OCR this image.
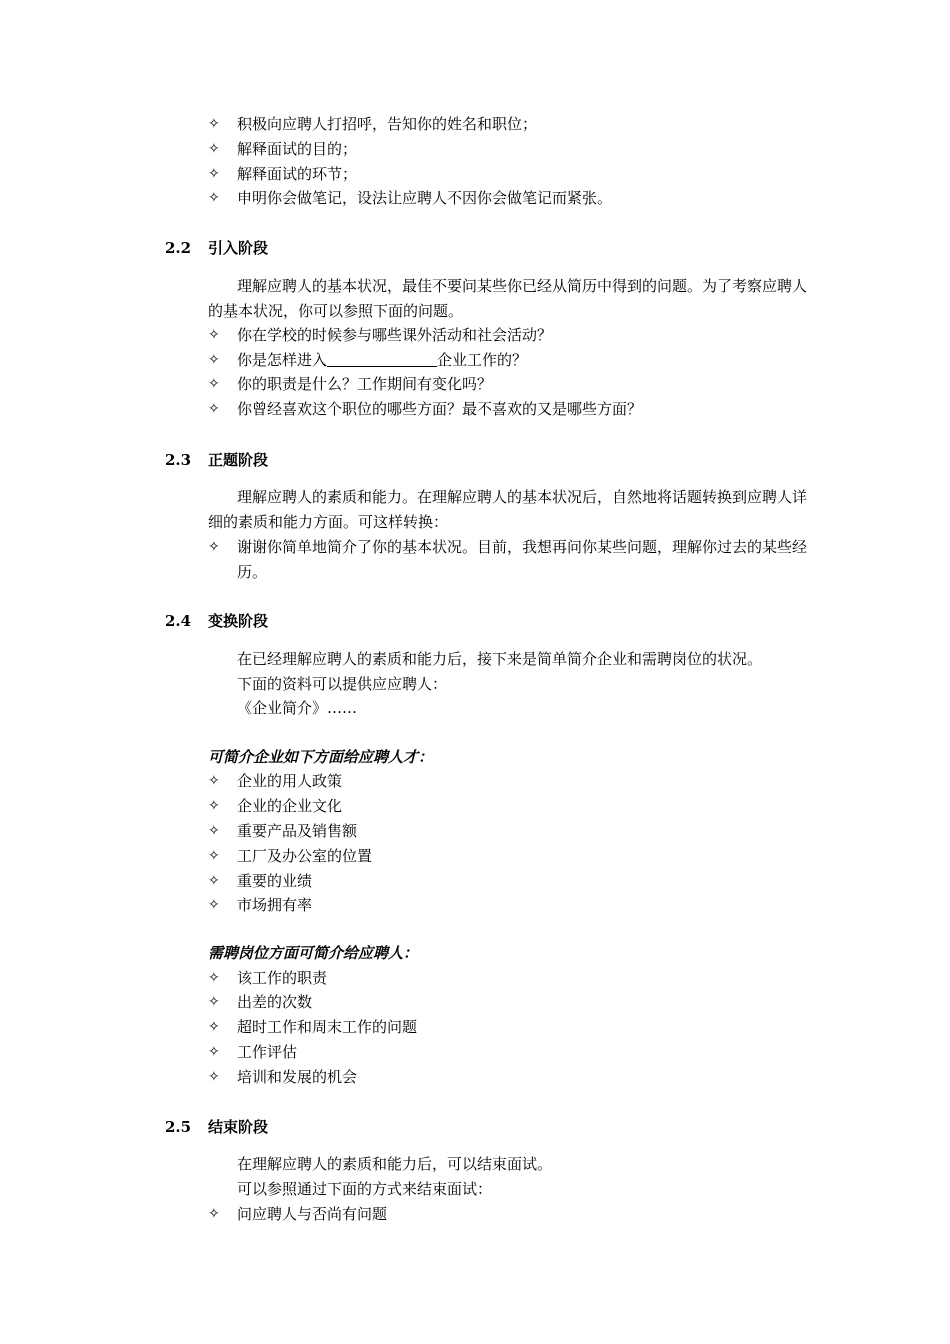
✧	积极向应聘人打招呼，告知你的姓名和职位；
✧	解释面试的目的；
✧	解释面试的环节；
✧	申明你会做笔记，设法让应聘人不因你会做笔记而紧张。
2.2 引入阶段
理解应聘人的基本状况，最佳不要问某些你已经从简历中得到的问题。为了考察应聘人的基本状况，你可以参照下面的问题。
✧	你在学校的时候参与哪些课外活动和社会活动？
✧	你是怎样进入	企业工作的？
✧	你的职责是什么？工作期间有变化吗？
✧	你曾经喜欢这个职位的哪些方面？最不喜欢的又是哪些方面？
2.3 正题阶段
理解应聘人的素质和能力。在理解应聘人的基本状况后，自然地将话题转换到应聘人详细的素质和能力方面。可这样转换：
✧	谢谢你简单地简介了你的基本状况。目前，我想再问你某些问题，理解你过去的某些经历。
2.4 变换阶段
在已经理解应聘人的素质和能力后，接下来是简单简介企业和需聘岗位的状况。
下面的资料可以提供应应聘人：
《企业简介》……
可简介企业如下方面给应聘人才：
✧	企业的用人政策
✧	企业的企业文化
✧	重要产品及销售额
✧	工厂及办公室的位置
✧	重要的业绩
✧	市场拥有率
需聘岗位方面可简介给应聘人：
✧	该工作的职责
✧	出差的次数
✧	超时工作和周末工作的问题
✧	工作评估
✧	培训和发展的机会
2.5 结束阶段
在理解应聘人的素质和能力后，可以结束面试。
可以参照通过下面的方式来结束面试：
✧	问应聘人与否尚有问题
